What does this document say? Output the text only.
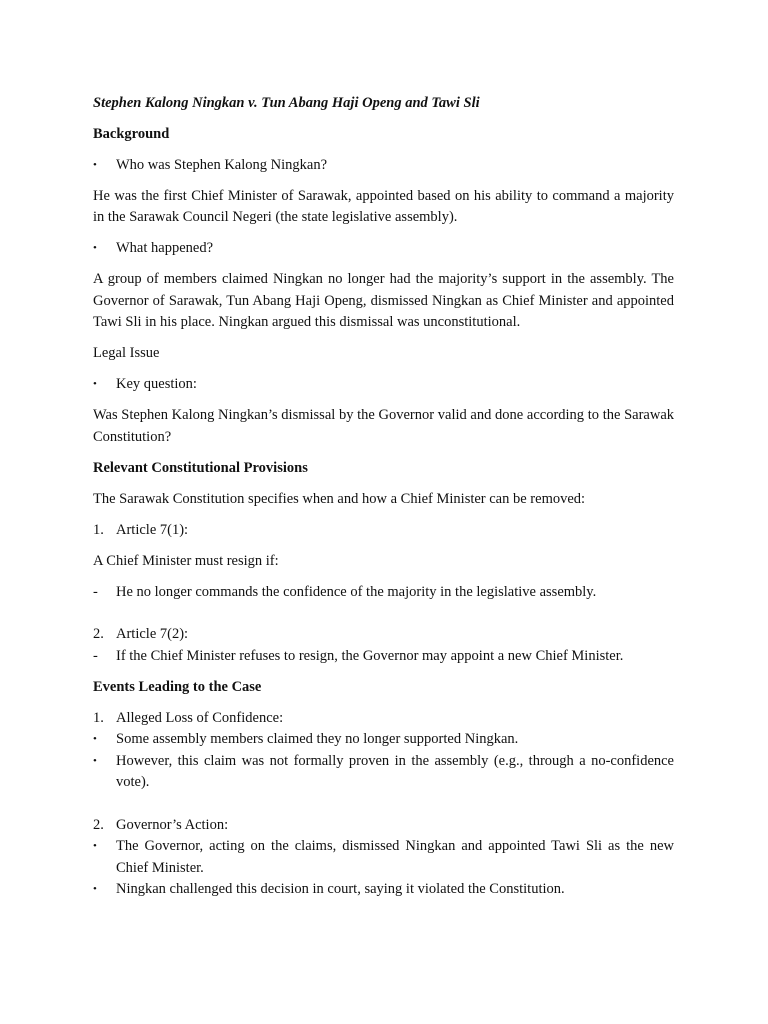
Stephen Kalong Ningkan v. Tun Abang Haji Openg and Tawi Sli
Background
•	Who was Stephen Kalong Ningkan?
He was the first Chief Minister of Sarawak, appointed based on his ability to command a majority in the Sarawak Council Negeri (the state legislative assembly).
•	What happened?
A group of members claimed Ningkan no longer had the majority’s support in the assembly. The Governor of Sarawak, Tun Abang Haji Openg, dismissed Ningkan as Chief Minister and appointed Tawi Sli in his place. Ningkan argued this dismissal was unconstitutional.
Legal Issue
•	Key question:
Was Stephen Kalong Ningkan’s dismissal by the Governor valid and done according to the Sarawak Constitution?
Relevant Constitutional Provisions
The Sarawak Constitution specifies when and how a Chief Minister can be removed:
1. Article 7(1):
A Chief Minister must resign if:
-	He no longer commands the confidence of the majority in the legislative assembly.
2. Article 7(2):
-	If the Chief Minister refuses to resign, the Governor may appoint a new Chief Minister.
Events Leading to the Case
1. Alleged Loss of Confidence:
•	Some assembly members claimed they no longer supported Ningkan.
•	However, this claim was not formally proven in the assembly (e.g., through a no-confidence vote).
2. Governor’s Action:
•	The Governor, acting on the claims, dismissed Ningkan and appointed Tawi Sli as the new Chief Minister.
•	Ningkan challenged this decision in court, saying it violated the Constitution.
